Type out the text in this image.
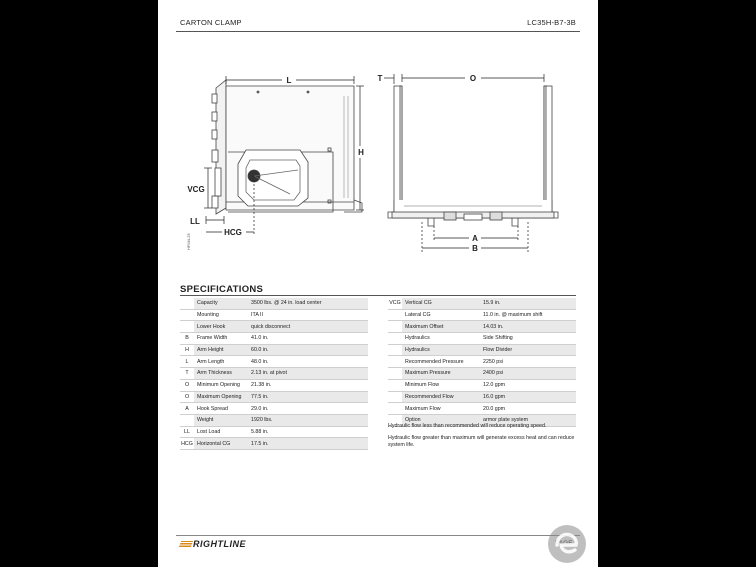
CARTON CLAMP	LC35H-B7-3B
L
H
VCG
LL
HCG
HFM4-25
O
T
A
B
SPECIFICATIONS
	Capacity	3500 lbs. @ 24 in. load center
	Mounting	ITA II
	Lower Hook	quick disconnect
B	Frame Width	41.0 in.
H	Arm Height	60.0 in.
L	Arm Length	48.0 in.
T	Arm Thickness	2.13 in. at pivot
O	Minimum Opening	21.38 in.
O	Maximum Opening	77.5 in.
A	Hook Spread	29.0 in.
	Weight	1920 lbs.
LL	Lost Load	5.88 in.
HCG	Horizontal CG	17.5 in.
VCG	Vertical CG	15.9 in.
	Lateral CG	11.0 in. @ maximum shift
	Maximum Offset	14.03 in.
	Hydraulics	Side Shifting
	Hydraulics	Flow Divider
	Recommended Pressure	2250 psi
	Maximum Pressure	2400 psi
	Minimum Flow	12.0 gpm
	Recommended Flow	16.0 gpm
	Maximum Flow	20.0 gpm
	Option	armor plate system
Hydraulic flow less than recommended will reduce operating speed.
Hydraulic flow greater than maximum will generate excess heat and can reduce system life.
RIGHTLINE
